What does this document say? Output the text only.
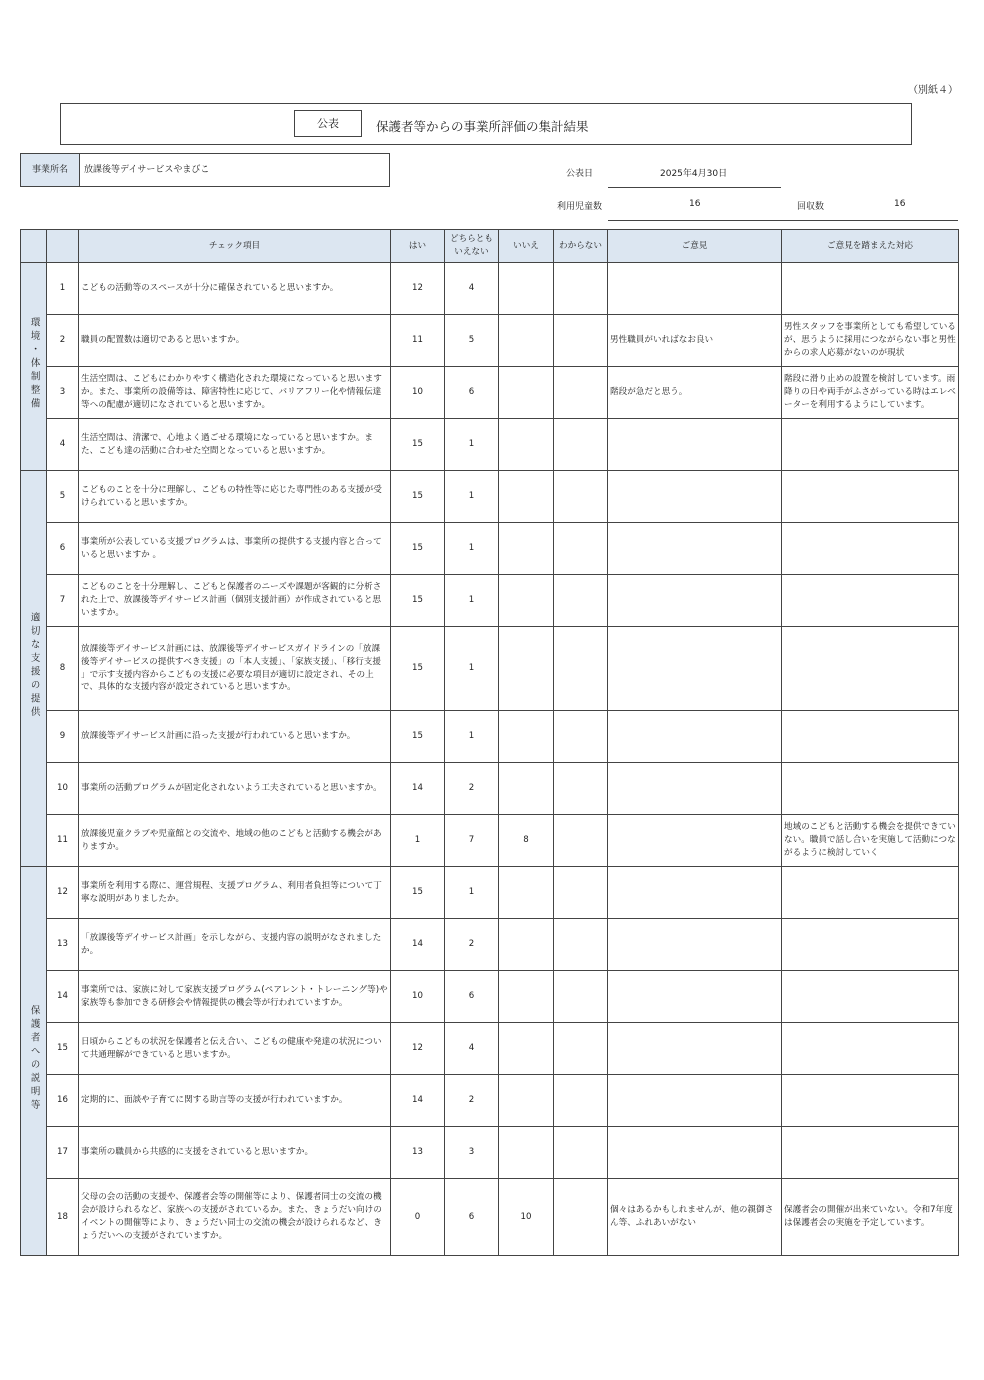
（別紙４）
公表	保護者等からの事業所評価の集計結果
事業所名	放課後等デイサービスやまびこ	公表日	2025年4月30日
利用児童数	16	回収数	16
		チェック項目	はい	どちらともいえない	いいえ	わからない	ご意見	ご意見を踏まえた対応
環境・体制整備	1	こどもの活動等のスペースが十分に確保されていると思いますか。	12	4				
	2	職員の配置数は適切であると思いますか。	11	5			男性職員がいればなお良い	男性スタッフを事業所としても希望しているが、思うように採用につながらない事と男性からの求人応募がないのが現状
	3	生活空間は、こどもにわかりやすく構造化された環境になっていると思いますか。また、事業所の設備等は、障害特性に応じて、バリアフリー化や情報伝達等への配慮が適切になされていると思いますか。	10	6			階段が急だと思う。	階段に滑り止めの設置を検討しています。雨降りの日や両手がふさがっている時はエレベーターを利用するようにしています。
	4	生活空間は、清潔で、心地よく過ごせる環境になっていると思いますか。また、こども達の活動に合わせた空間となっていると思いますか。	15	1				
適切な支援の提供	5	こどものことを十分に理解し、こどもの特性等に応じた専門性のある支援が受けられていると思いますか。	15	1				
	6	事業所が公表している支援プログラムは、事業所の提供する支援内容と合っていると思いますか 。	15	1				
	7	こどものことを十分理解し、こどもと保護者のニーズや課題が客観的に分析された上で、放課後等デイサービス計画（個別支援計画）が作成されていると思いますか。	15	1				
	8	放課後等デイサービス計画には、放課後等デイサービスガイドラインの「放課後等デイサービスの提供すべき支援」の「本人支援」、「家族支援」、「移行支援 」で示す支援内容からこどもの支援に必要な項目が適切に設定され、その上で、具体的な支援内容が設定されていると思いますか。	15	1				
	9	放課後等デイサービス計画に沿った支援が行われていると思いますか。	15	1				
	10	事業所の活動プログラムが固定化されないよう工夫されていると思いますか。	14	2				
	11	放課後児童クラブや児童館との交流や、地域の他のこどもと活動する機会がありますか。	1	7	8			地域のこどもと活動する機会を提供できていない。職員で話し合いを実施して活動につながるように検討していく
保護者への説明等	12	事業所を利用する際に、運営規程、支援プログラム、利用者負担等について丁寧な説明がありましたか。	15	1				
	13	「放課後等デイサービス計画」を示しながら、支援内容の説明がなされましたか。	14	2				
	14	事業所では、家族に対して家族支援プログラム(ペアレント・トレーニング等)や家族等も参加できる研修会や情報提供の機会等が行われていますか。	10	6				
	15	日頃からこどもの状況を保護者と伝え合い、こどもの健康や発達の状況について共通理解ができていると思いますか。	12	4				
	16	定期的に、面談や子育てに関する助言等の支援が行われていますか。	14	2				
	17	事業所の職員から共感的に支援をされていると思いますか。	13	3				
	18	父母の会の活動の支援や、保護者会等の開催等により、保護者同士の交流の機会が設けられるなど、家族への支援がされているか。また、きょうだい向けのイベントの開催等により、きょうだい同士の交流の機会が設けられるなど、きょうだいへの支援がされていますか。	0	6	10		個々はあるかもしれませんが、他の親御さん等、ふれあいがない	保護者会の開催が出来ていない。令和7年度は保護者会の実施を予定しています。
